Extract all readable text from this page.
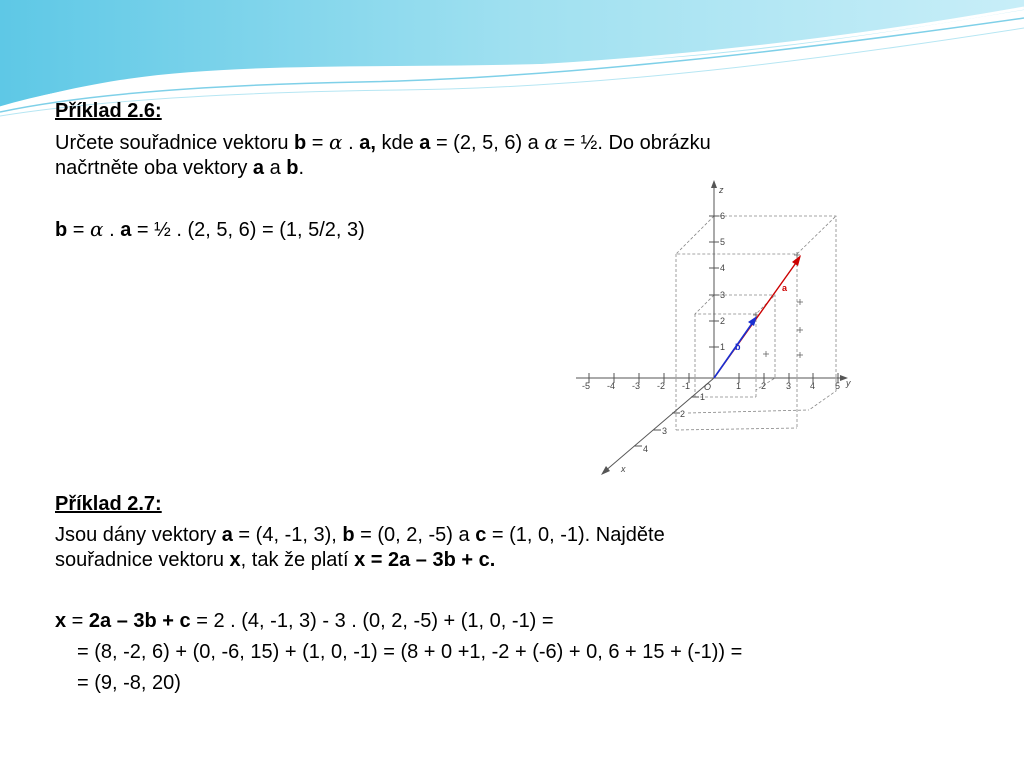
Příklad 2.6:
Určete souřadnice vektoru b = α . a, kde a = (2, 5, 6) a α = ½. Do obrázku
načrtněte oba vektory a a b.
b = α . a = ½ . (2, 5, 6) = (1, 5/2, 3)
1
2
3
4
5
6
z
1 2 3 4 5
-1
-2
-3
-4
-5	y
1
2
3
4
x
O
a
b
Příklad 2.7:
Jsou dány vektory a = (4, -1, 3), b = (0, 2, -5) a c = (1, 0, -1). Najděte
souřadnice vektoru x, tak že platí x = 2a – 3b + c.
x = 2a – 3b + c = 2 . (4, -1, 3) - 3 . (0, 2, -5) + (1, 0, -1) =
= (8, -2, 6) + (0, -6, 15) + (1, 0, -1) = (8 + 0 +1, -2 + (-6) + 0, 6 + 15 + (-1)) =
= (9, -8, 20)
